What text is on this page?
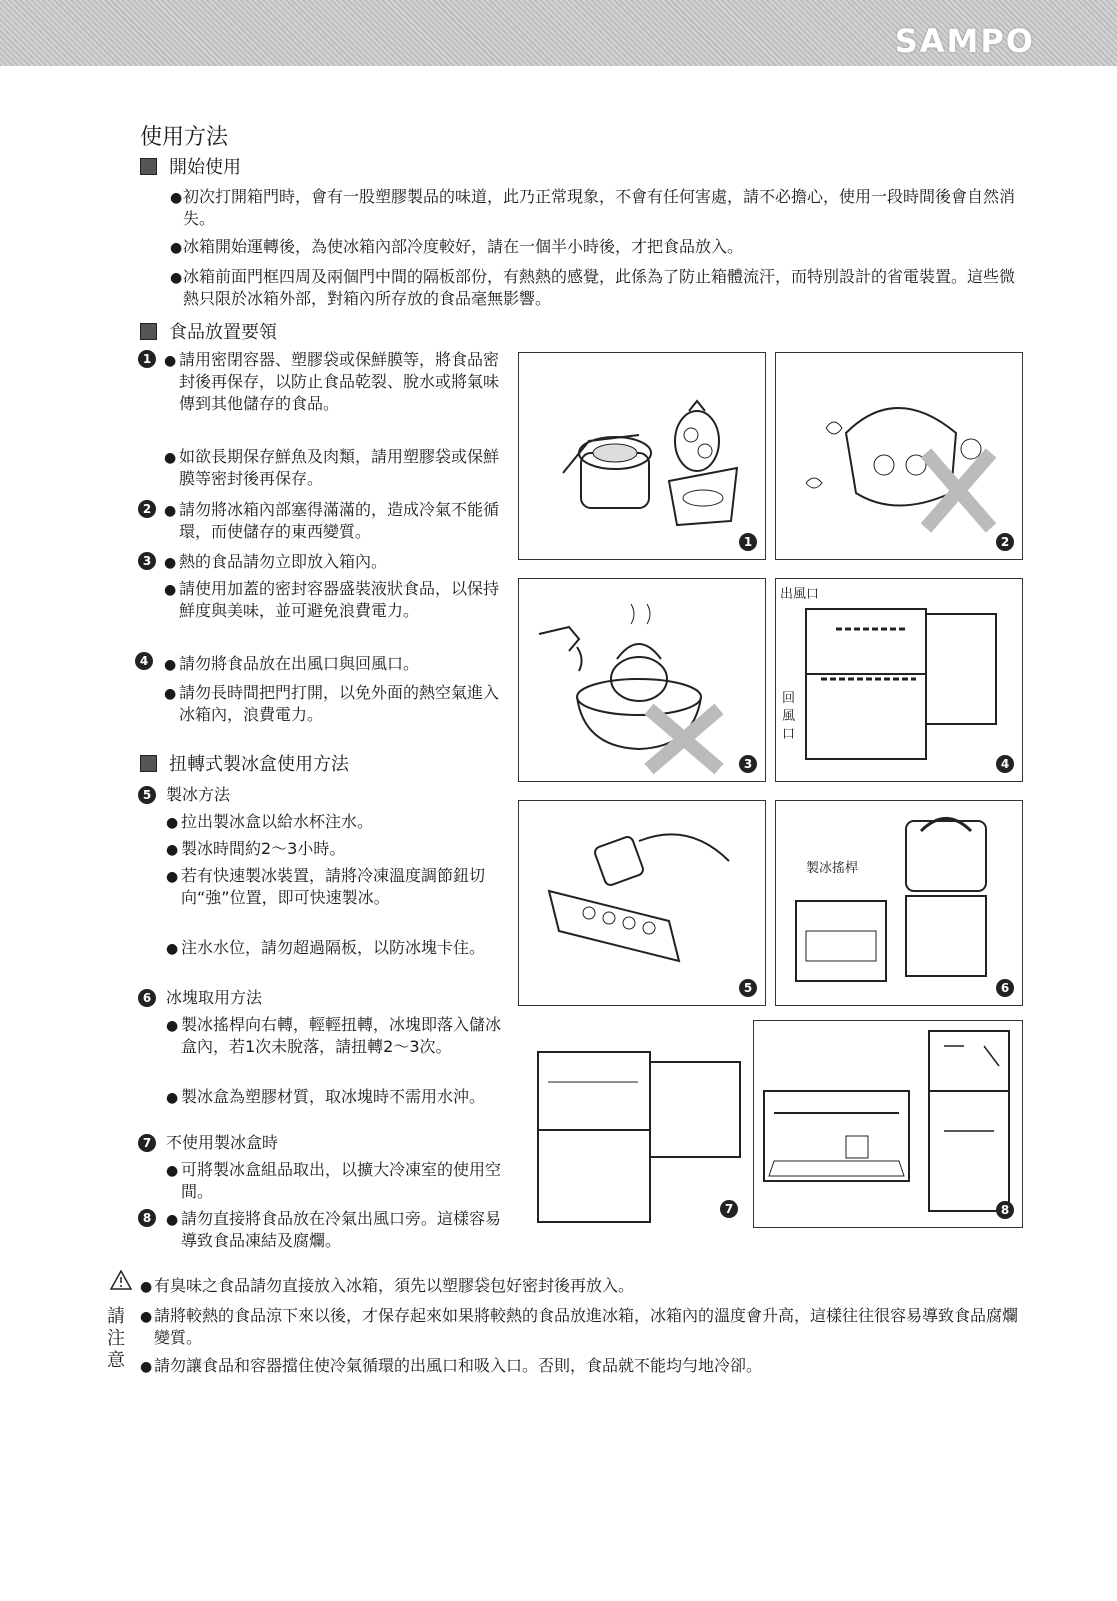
SAMPO
使用方法
開始使用
● 初次打開箱門時，會有一股塑膠製品的味道，此乃正常現象，不會有任何害處，請不必擔心，使用一段時間後會自然消失。
● 冰箱開始運轉後，為使冰箱內部冷度較好，請在一個半小時後，才把食品放入。
● 冰箱前面門框四周及兩個門中間的隔板部份，有熱熱的感覺，此係為了防止箱體流汗，而特別設計的省電裝置。這些微熱只限於冰箱外部，對箱內所存放的食品毫無影響。
食品放置要領
1 ● 請用密閉容器、塑膠袋或保鮮膜等，將食品密封後再保存，以防止食品乾裂、脫水或將氣味傳到其他儲存的食品。
● 如欲長期保存鮮魚及肉類，請用塑膠袋或保鮮膜等密封後再保存。
2 ● 請勿將冰箱內部塞得滿滿的，造成冷氣不能循環，而使儲存的東西變質。
3 ● 熱的食品請勿立即放入箱內。
● 請使用加蓋的密封容器盛裝液狀食品，以保持鮮度與美味，並可避免浪費電力。
4	● 請勿將食品放在出風口與回風口。
● 請勿長時間把門打開，以免外面的熱空氣進入冰箱內，浪費電力。
扭轉式製冰盒使用方法
5 製冰方法
● 拉出製冰盒以給水杯注水。
● 製冰時間約2～3小時。
● 若有快速製冰裝置，請將冷凍溫度調節鈕切向“強”位置，即可快速製冰。
● 注水水位，請勿超過隔板，以防冰塊卡住。
6 冰塊取用方法
● 製冰搖桿向右轉，輕輕扭轉，冰塊即落入儲冰盒內，若1次未脫落，請扭轉2～3次。
● 製冰盒為塑膠材質，取冰塊時不需用水沖。
7 不使用製冰盒時
● 可將製冰盒組品取出，以擴大冷凍室的使用空間。
8	● 請勿直接將食品放在冷氣出風口旁。這樣容易導致食品凍結及腐爛。
1	2
3
出風口
回
風
口
4
5
製冰搖桿
6
7	8
請
注
意
● 有臭味之食品請勿直接放入冰箱，須先以塑膠袋包好密封後再放入。
● 請將較熱的食品涼下來以後，才保存起來如果將較熱的食品放進冰箱，冰箱內的溫度會升高，這樣往往很容易導致食品腐爛變質。
● 請勿讓食品和容器擋住使冷氣循環的出風口和吸入口。否則，食品就不能均勻地冷卻。
